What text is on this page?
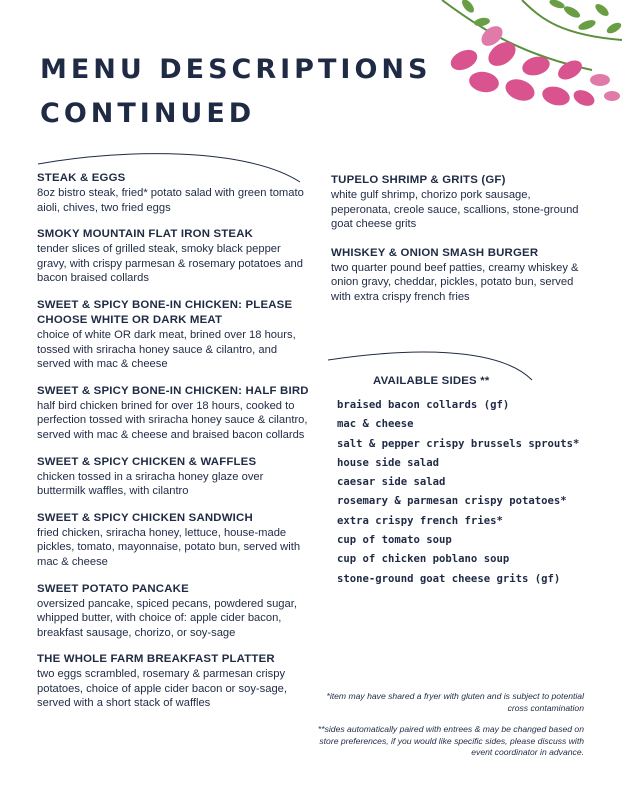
MENU DESCRIPTIONS
CONTINUED
STEAK & EGGS
8oz bistro steak, fried* potato salad with green tomato aioli, chives, two fried eggs
SMOKY MOUNTAIN FLAT IRON STEAK
tender slices of grilled steak, smoky black pepper gravy, with crispy parmesan & rosemary potatoes and bacon braised collards
SWEET & SPICY BONE-IN CHICKEN: PLEASE CHOOSE WHITE OR DARK MEAT
choice of white OR dark meat, brined over 18 hours, tossed with sriracha honey sauce & cilantro, and served with mac & cheese
SWEET & SPICY BONE-IN CHICKEN: HALF BIRD
half bird chicken brined for over 18 hours, cooked to perfection tossed with sriracha honey sauce & cilantro, served with mac & cheese and braised bacon collards
SWEET & SPICY CHICKEN & WAFFLES
chicken tossed in a sriracha honey glaze over buttermilk waffles, with cilantro
SWEET & SPICY CHICKEN SANDWICH
fried chicken, sriracha honey, lettuce, house-made pickles, tomato, mayonnaise, potato bun, served with mac & cheese
SWEET POTATO PANCAKE
oversized pancake, spiced pecans, powdered sugar, whipped butter, with choice of: apple cider bacon, breakfast sausage, chorizo, or soy-sage
THE WHOLE FARM BREAKFAST PLATTER
two eggs scrambled, rosemary & parmesan crispy potatoes, choice of apple cider bacon or soy-sage, served with a short stack of waffles
TUPELO SHRIMP & GRITS (GF)
white gulf shrimp, chorizo pork sausage, peperonata, creole sauce, scallions, stone-ground goat cheese grits
WHISKEY & ONION SMASH BURGER
two quarter pound beef patties, creamy whiskey & onion gravy, cheddar, pickles, potato bun, served with extra crispy french fries
AVAILABLE SIDES **
braised bacon collards (gf)
mac & cheese
salt & pepper crispy brussels sprouts*
house side salad
caesar side salad
rosemary & parmesan crispy potatoes*
extra crispy french fries*
cup of tomato soup
cup of chicken poblano soup
stone-ground goat cheese grits (gf)
*item may have shared a fryer with gluten and is subject to potential cross contamination
**sides automatically paired with entrees & may be changed based on store preferences, if you would like specific sides, please discuss with event coordinator in advance.
